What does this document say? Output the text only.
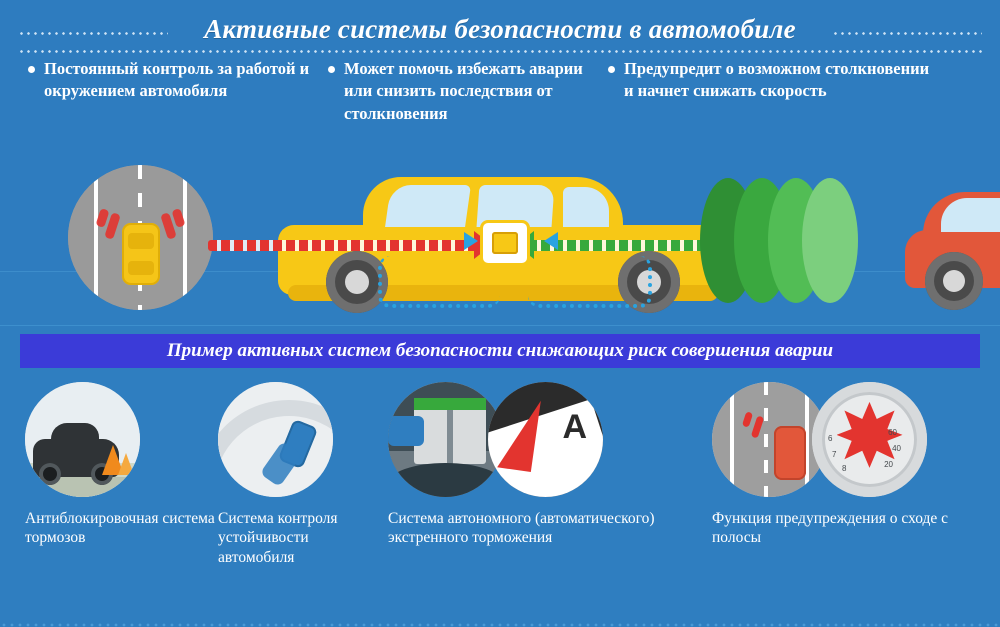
Активные системы безопасности в автомобиле
Постоянный контроль за работой и окружением автомобиля
Может помочь избежать аварии или снизить последствия от столкновения
Предупредит о возможном столкновении и начнет снижать скорость
Пример активных систем безопасности снижающих риск совершения аварии
Антиблокировочная система тормозов
Система контроля устойчивости автомобиля
A
Система автономного (автоматического) экстренного торможения
6
7
8
60
40
20
Функция предупреждения о сходе с полосы
